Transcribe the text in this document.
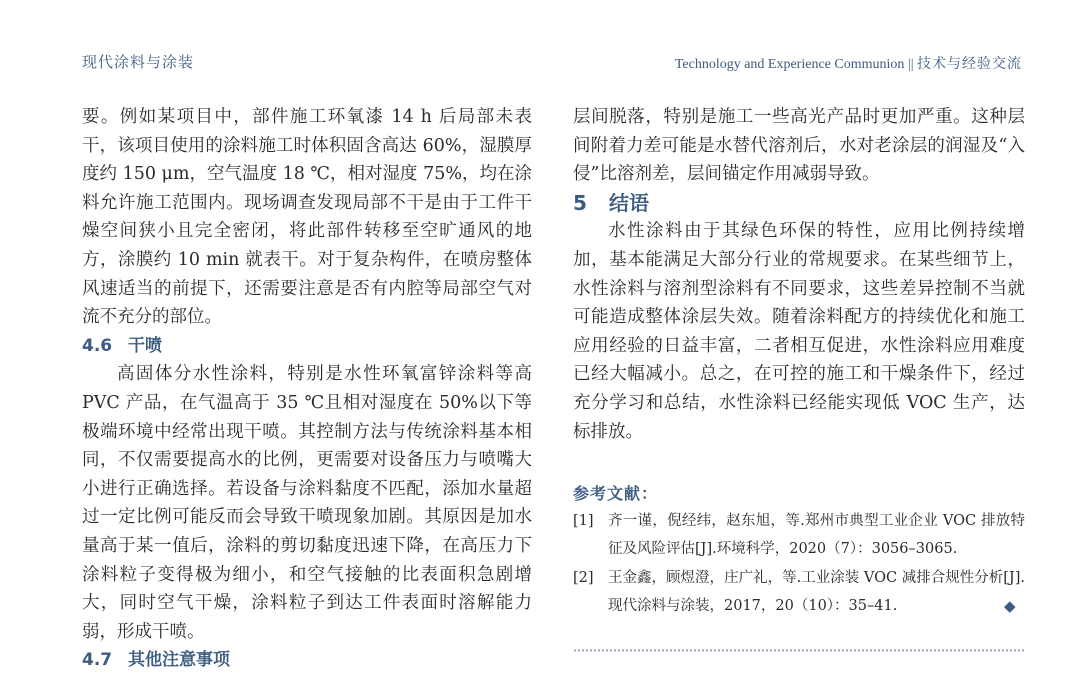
现代涂料与涂装	Technology and Experience Communion || 技术与经验交流

要。例如某项目中，部件施工环氧漆 14 h 后局部未表干，该项目使用的涂料施工时体积固含高达 60%，湿膜厚度约 150 μm，空气温度 18 ℃，相对湿度 75%，均在涂料允许施工范围内。现场调查发现局部不干是由于工件干燥空间狭小且完全密闭，将此部件转移至空旷通风的地方，涂膜约 10 min 就表干。对于复杂构件，在喷房整体风速适当的前提下，还需要注意是否有内腔等局部空气对流不充分的部位。

4.6 干喷

高固体分水性涂料，特别是水性环氧富锌涂料等高 PVC 产品，在气温高于 35 ℃且相对湿度在 50%以下等极端环境中经常出现干喷。其控制方法与传统涂料基本相同，不仅需要提高水的比例，更需要对设备压力与喷嘴大小进行正确选择。若设备与涂料黏度不匹配，添加水量超过一定比例可能反而会导致干喷现象加剧。其原因是加水量高于某一值后，涂料的剪切黏度迅速下降，在高压力下涂料粒子变得极为细小，和空气接触的比表面积急剧增大，同时空气干燥，涂料粒子到达工件表面时溶解能力弱，形成干喷。

4.7 其他注意事项

层间脱落，特别是施工一些高光产品时更加严重。这种层间附着力差可能是水替代溶剂后，水对老涂层的润湿及“入侵”比溶剂差，层间锚定作用减弱导致。

5 结语

水性涂料由于其绿色环保的特性，应用比例持续增加，基本能满足大部分行业的常规要求。在某些细节上，水性涂料与溶剂型涂料有不同要求，这些差异控制不当就可能造成整体涂层失效。随着涂料配方的持续优化和施工应用经验的日益丰富，二者相互促进，水性涂料应用难度已经大幅减小。总之，在可控的施工和干燥条件下，经过充分学习和总结，水性涂料已经能实现低 VOC 生产，达标排放。

参考文献：
[1] 齐一谨，倪经纬，赵东旭，等.郑州市典型工业企业 VOC 排放特征及风险评估[J].环境科学，2020（7）：3056–3065.
[2] 王金鑫，顾煜澄，庄广礼，等.工业涂装 VOC 减排合规性分析[J].现代涂料与涂装，2017，20（10）：35–41.	◆
